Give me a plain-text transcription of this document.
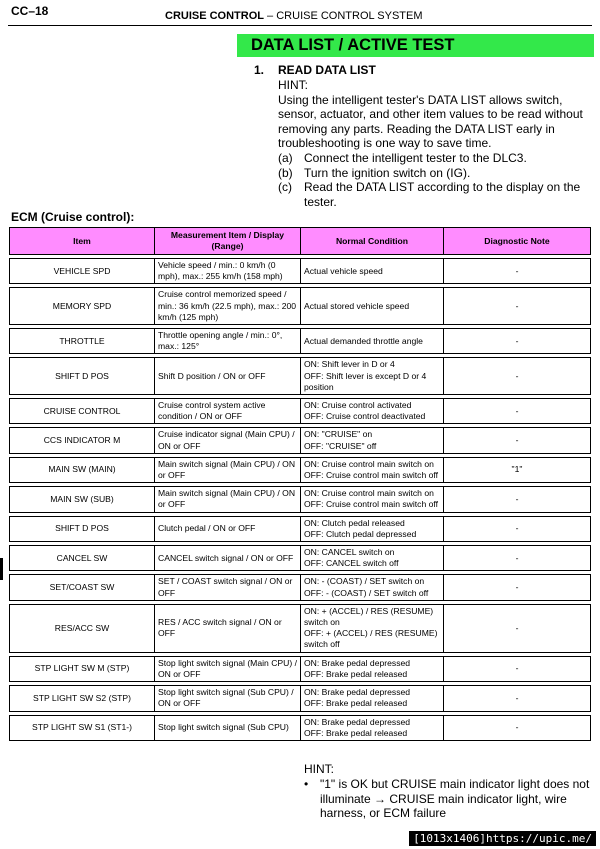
CC–18	CRUISE CONTROL – CRUISE CONTROL SYSTEM
DATA LIST / ACTIVE TEST
1. READ DATA LIST
HINT:
Using the intelligent tester's DATA LIST allows switch, sensor, actuator, and other item values to be read without removing any parts. Reading the DATA LIST early in troubleshooting is one way to save time.
(a) Connect the intelligent tester to the DLC3.
(b) Turn the ignition switch on (IG).
(c)	Read the DATA LIST according to the display on the tester.
ECM (Cruise control):
Item	Measurement Item / Display (Range)	Normal Condition	Diagnostic Note

VEHICLE SPD	Vehicle speed / min.: 0 km/h (0 mph), max.: 255 km/h (158 mph)	Actual vehicle speed	-

MEMORY SPD	Cruise control memorized speed / min.: 36 km/h (22.5 mph), max.: 200 km/h (125 mph)	Actual stored vehicle speed	-

THROTTLE	Throttle opening angle / min.: 0°, max.: 125°	Actual demanded throttle angle	-

SHIFT D POS	Shift D position / ON or OFF	ON: Shift lever in D or 4
OFF: Shift lever is except D or 4 position	-

CRUISE CONTROL	Cruise control system active condition / ON or OFF	ON: Cruise control activated
OFF: Cruise control deactivated	-

CCS INDICATOR M	Cruise indicator signal (Main CPU) / ON or OFF	ON: "CRUISE" on
OFF: "CRUISE" off	-

MAIN SW (MAIN)	Main switch signal (Main CPU) / ON or OFF	ON: Cruise control main switch on
OFF: Cruise control main switch off	"1"

MAIN SW (SUB)	Main switch signal (Main CPU) / ON or OFF	ON: Cruise control main switch on
OFF: Cruise control main switch off	-

SHIFT D POS	Clutch pedal / ON or OFF	ON: Clutch pedal released
OFF: Clutch pedal depressed	-

CANCEL SW	CANCEL switch signal / ON or OFF	ON: CANCEL switch on
OFF: CANCEL switch off	-

SET/COAST SW	SET / COAST switch signal / ON or OFF	ON: - (COAST) / SET switch on
OFF: - (COAST) / SET switch off	-

RES/ACC SW	RES / ACC switch signal / ON or OFF	ON: + (ACCEL) / RES (RESUME) switch on
OFF: + (ACCEL) / RES (RESUME) switch off	-

STP LIGHT SW M (STP)	Stop light switch signal (Main CPU) / ON or OFF	ON: Brake pedal depressed
OFF: Brake pedal released	-

STP LIGHT SW S2 (STP)	Stop light switch signal (Sub CPU) / ON or OFF	ON: Brake pedal depressed
OFF: Brake pedal released	-

STP LIGHT SW S1 (ST1-)	Stop light switch signal (Sub CPU)	ON: Brake pedal depressed
OFF: Brake pedal released	-
HINT:
• "1" is OK but CRUISE main indicator light does not illuminate → CRUISE main indicator light, wire harness, or ECM failure
[1013x1406]https://upic.me/
